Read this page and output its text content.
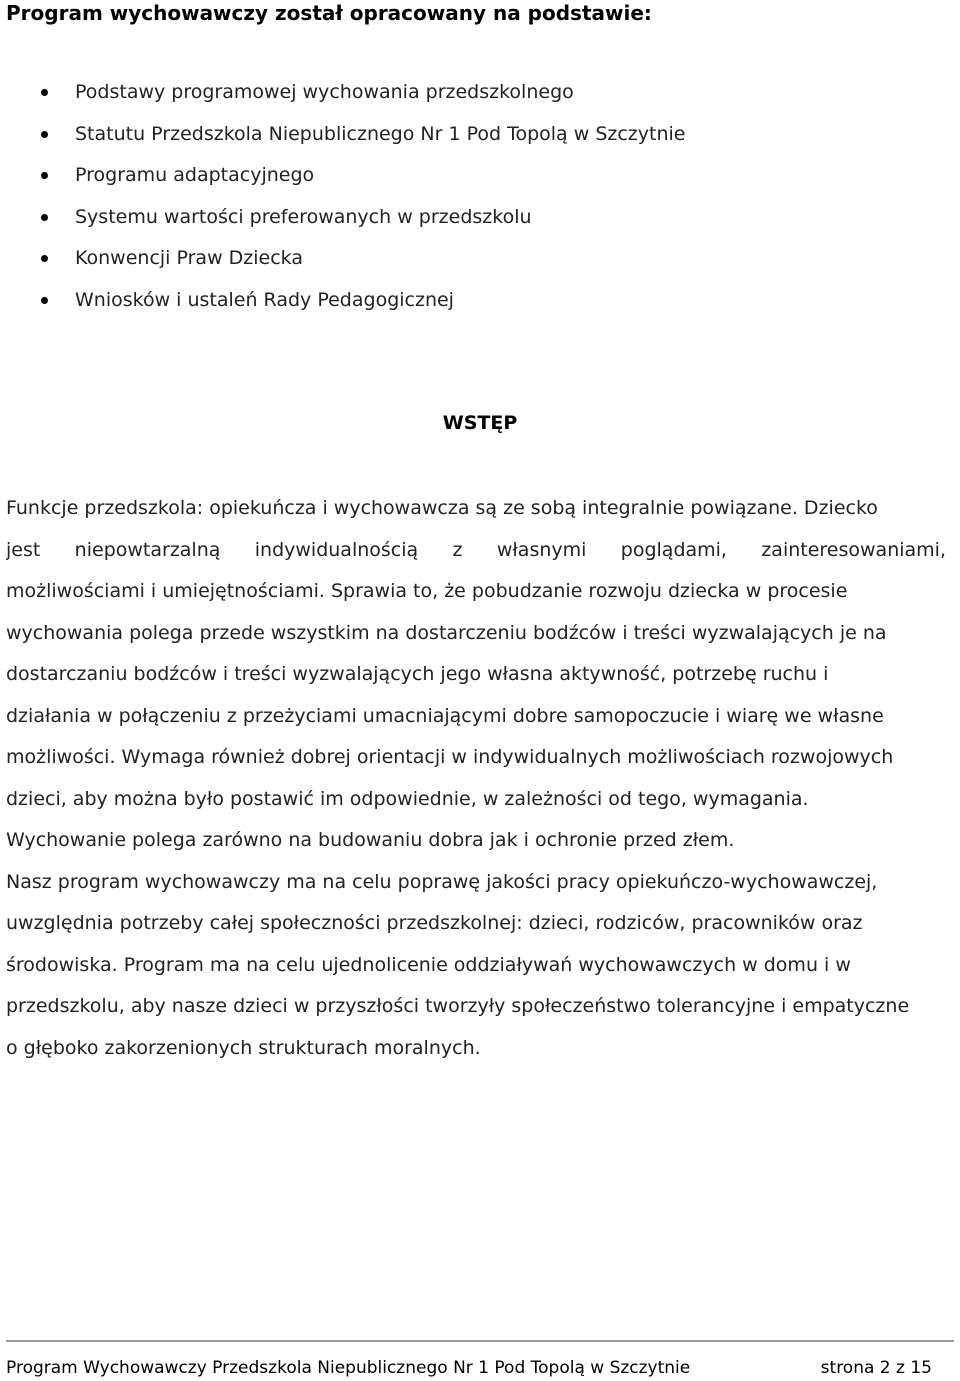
Program wychowawczy został opracowany na podstawie:
Podstawy programowej wychowania przedszkolnego
Statutu Przedszkola Niepublicznego Nr 1 Pod Topolą w Szczytnie
Programu adaptacyjnego
Systemu wartości preferowanych w przedszkolu
Konwencji Praw Dziecka
Wniosków i ustaleń Rady Pedagogicznej
WSTĘP
Funkcje przedszkola: opiekuńcza i wychowawcza są ze sobą integralnie powiązane. Dziecko
jest niepowtarzalną indywidualnością z własnymi poglądami, zainteresowaniami,
możliwościami i umiejętnościami. Sprawia to, że pobudzanie rozwoju dziecka w procesie
wychowania polega przede wszystkim na dostarczeniu bodźców i treści wyzwalających je na
dostarczaniu bodźców i treści wyzwalających jego własna aktywność, potrzebę ruchu i
działania w połączeniu z przeżyciami umacniającymi dobre samopoczucie i wiarę we własne
możliwości. Wymaga również dobrej orientacji w indywidualnych możliwościach rozwojowych
dzieci, aby można było postawić im odpowiednie, w zależności od tego, wymagania.
Wychowanie polega zarówno na budowaniu dobra jak i ochronie przed złem.
Nasz program wychowawczy ma na celu poprawę jakości pracy opiekuńczo-wychowawczej,
uwzględnia potrzeby całej społeczności przedszkolnej: dzieci, rodziców, pracowników oraz
środowiska. Program ma na celu ujednolicenie oddziaływań wychowawczych w domu i w
przedszkolu, aby nasze dzieci w przyszłości tworzyły społeczeństwo tolerancyjne i empatyczne
o głęboko zakorzenionych strukturach moralnych.
Program Wychowawczy Przedszkola Niepublicznego Nr 1 Pod Topolą w Szczytnie	strona 2 z 15
